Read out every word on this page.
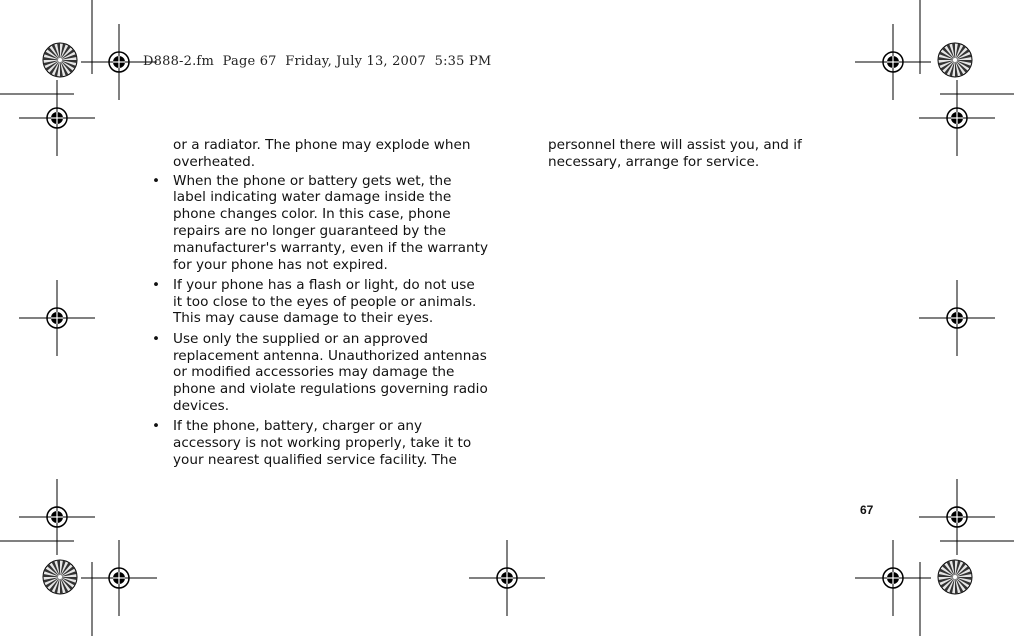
D888-2.fm  Page 67  Friday, July 13, 2007  5:35 PM
or a radiator. The phone may explode when overheated.
• When the phone or battery gets wet, the label indicating water damage inside the phone changes color. In this case, phone repairs are no longer guaranteed by the manufacturer's warranty, even if the warranty for your phone has not expired.
• If your phone has a flash or light, do not use it too close to the eyes of people or animals. This may cause damage to their eyes.
• Use only the supplied or an approved replacement antenna. Unauthorized antennas or modified accessories may damage the phone and violate regulations governing radio devices.
• If the phone, battery, charger or any accessory is not working properly, take it to your nearest qualified service facility. The
personnel there will assist you, and if necessary, arrange for service.
67
